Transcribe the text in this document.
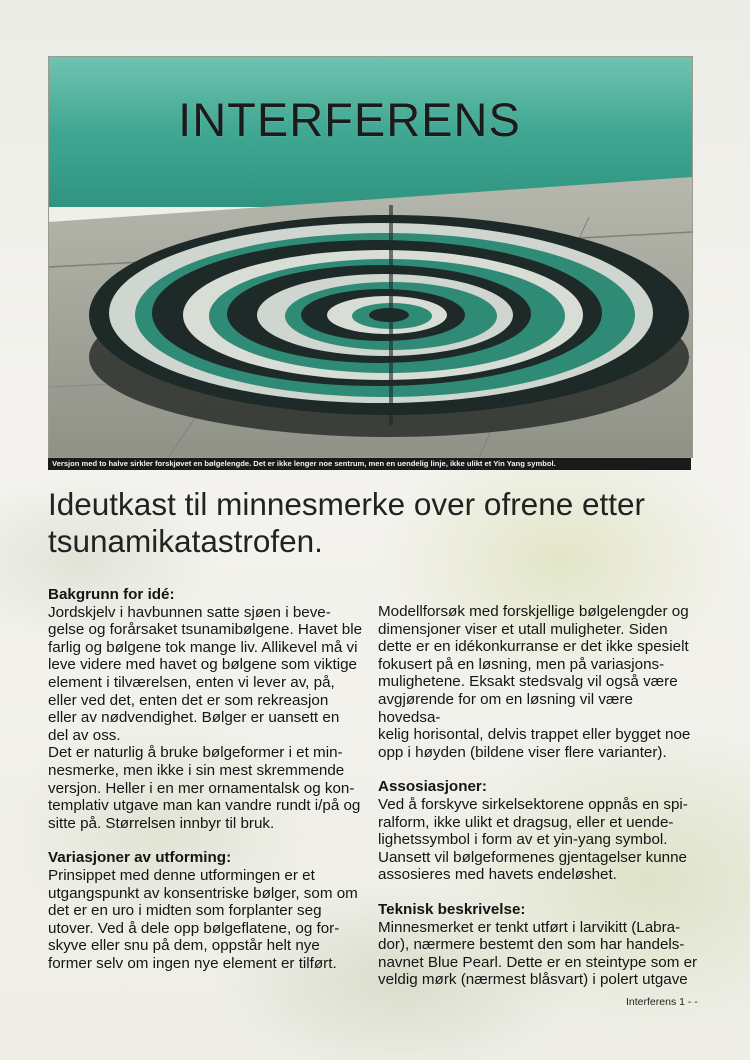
INTERFERENS
Versjon med to halve sirkler forskjøvet en bølgelengde. Det er ikke lenger noe sentrum, men en uendelig linje, ikke ulikt et Yin Yang symbol.
Ideutkast til minnesmerke over ofrene etter tsunamikatastrofen.
Bakgrunn for idé:

Jordskjelv i havbunnen satte sjøen i beve-
gelse og forårsaket tsunamibølgene. Havet ble
farlig og bølgene tok mange liv. Allikevel må vi
leve videre med havet og bølgene som viktige
element i tilværelsen, enten vi lever av, på,
eller ved det, enten det er som rekreasjon
eller av nødvendighet. Bølger er uansett en
del av oss.

Det er naturlig å bruke bølgeformer i et min-
nesmerke, men ikke i sin mest skremmende
versjon. Heller i en mer ornamentalsk og kon-
templativ utgave man kan vandre rundt i/på og
sitte på. Størrelsen innbyr til bruk.

Variasjoner av utforming:

Prinsippet med denne utformingen er et
utgangspunkt av konsentriske bølger, som om
det er en uro i midten som forplanter seg
utover. Ved å dele opp bølgeflatene, og for-
skyve eller snu på dem, oppstår helt nye
former selv om ingen nye element er tilført.

Modellforsøk med forskjellige bølgelengder og
dimensjoner viser et utall muligheter. Siden
dette er en idékonkurranse er det ikke spesielt
fokusert på en løsning, men på variasjons-
mulighetene. Eksakt stedsvalg vil også være
avgjørende for om en løsning vil være hovedsa-
kelig horisontal, delvis trappet eller bygget noe
opp i høyden (bildene viser flere varianter).

Assosiasjoner:

Ved å forskyve sirkelsektorene oppnås en spi-
ralform, ikke ulikt et dragsug, eller et uende-
lighetssymbol i form av et yin-yang symbol.
Uansett vil bølgeformenes gjentagelser kunne
assosieres med havets endeløshet.

Teknisk beskrivelse:

Minnesmerket er tenkt utført i larvikitt (Labra-
dor), nærmere bestemt den som har handels-
navnet Blue Pearl. Dette er en steintype som er
veldig mørk (nærmest blåsvart) i polert utgave

Interferens 1 - -
